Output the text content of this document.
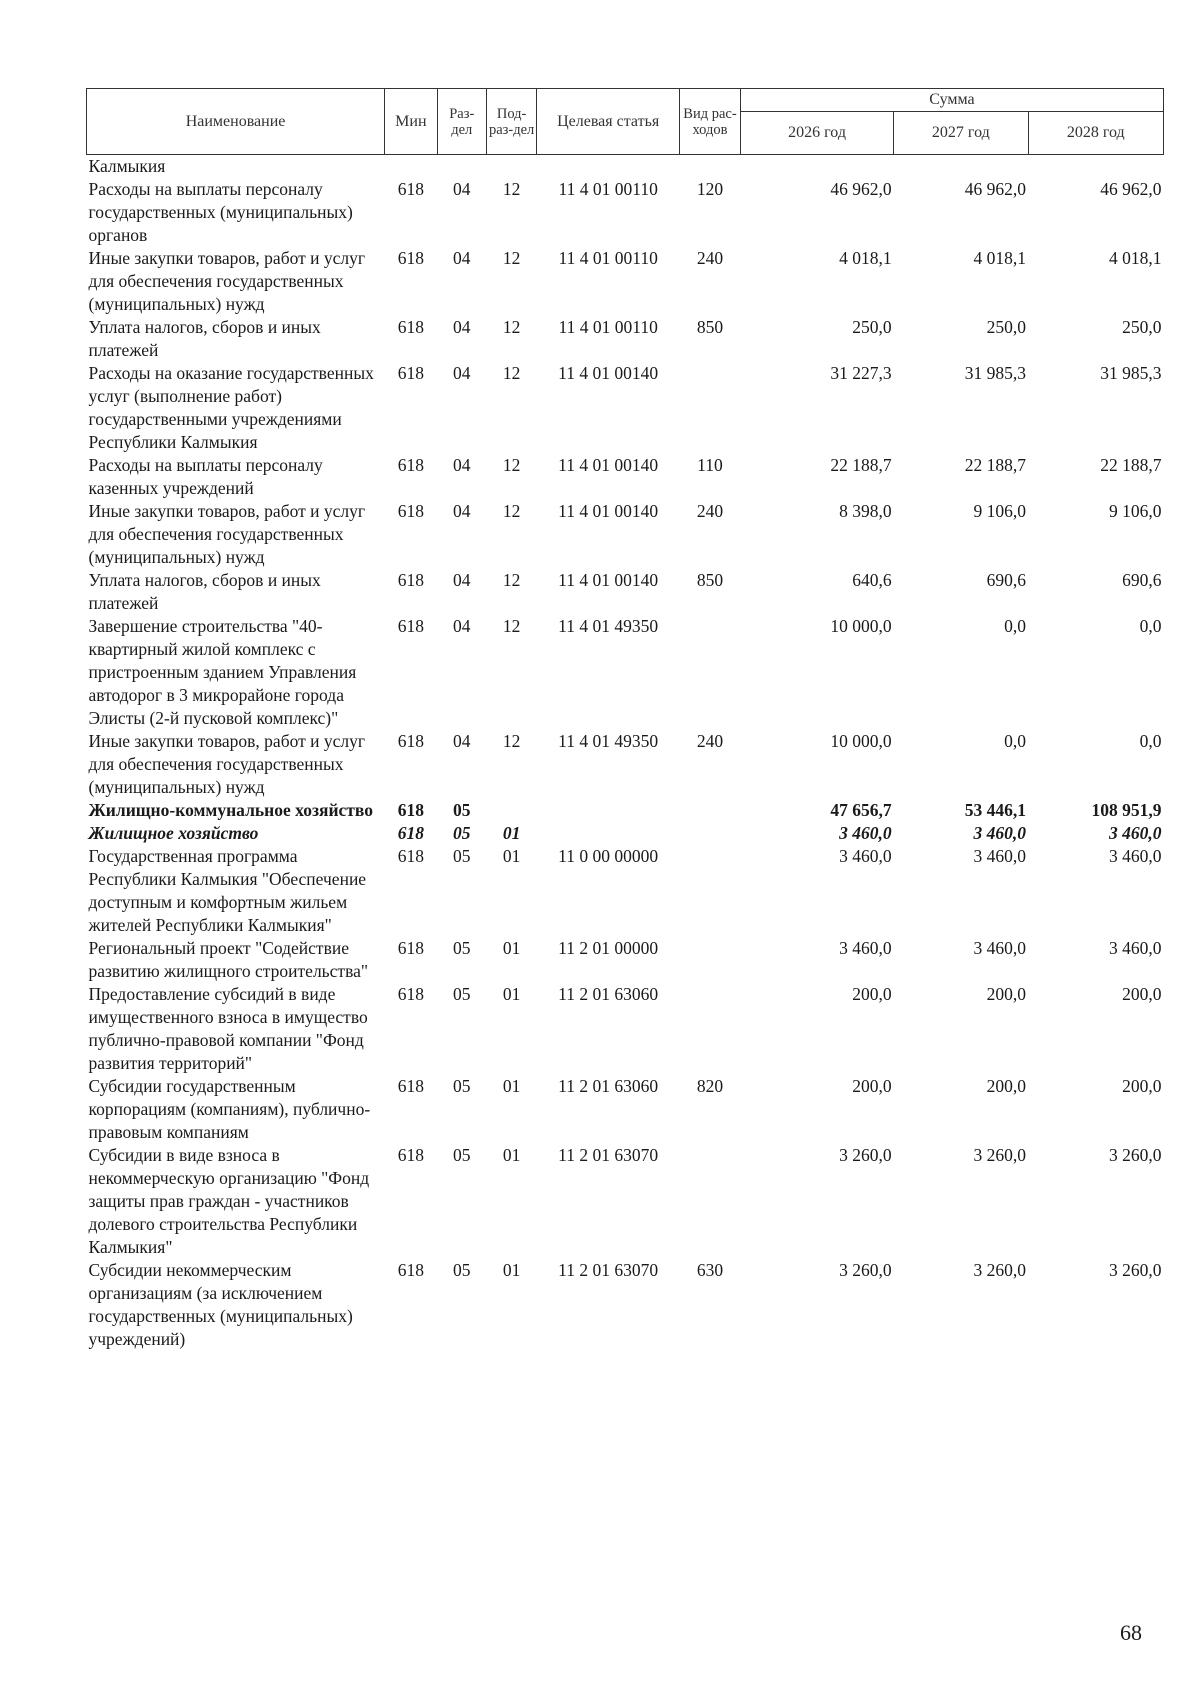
Наименование	Мин	Раз-дел	Под-раз-дел	Целевая статья	Вид рас-ходов	Сумма		
						2026 год	2027 год	2028 год
Калмыкия								
Расходы на выплаты персоналу государственных (муниципальных) органов	618	04	12	11 4 01 00110	120	46 962,0	46 962,0	46 962,0
Иные закупки товаров, работ и услуг для обеспечения государственных (муниципальных) нужд	618	04	12	11 4 01 00110	240	4 018,1	4 018,1	4 018,1
Уплата налогов, сборов и иных платежей	618	04	12	11 4 01 00110	850	250,0	250,0	250,0
Расходы на оказание государственных услуг (выполнение работ) государственными учреждениями Республики Калмыкия	618	04	12	11 4 01 00140		31 227,3	31 985,3	31 985,3
Расходы на выплаты персоналу казенных учреждений	618	04	12	11 4 01 00140	110	22 188,7	22 188,7	22 188,7
Иные закупки товаров, работ и услуг для обеспечения государственных (муниципальных) нужд	618	04	12	11 4 01 00140	240	8 398,0	9 106,0	9 106,0
Уплата налогов, сборов и иных платежей	618	04	12	11 4 01 00140	850	640,6	690,6	690,6
Завершение строительства "40-квартирный жилой комплекс с пристроенным зданием Управления автодорог в 3 микрорайоне города Элисты (2-й пусковой комплекс)"	618	04	12	11 4 01 49350		10 000,0	0,0	0,0
Иные закупки товаров, работ и услуг для обеспечения государственных (муниципальных) нужд	618	04	12	11 4 01 49350	240	10 000,0	0,0	0,0
Жилищно-коммунальное хозяйство	618	05				47 656,7	53 446,1	108 951,9
Жилищное хозяйство	618	05	01			3 460,0	3 460,0	3 460,0
Государственная программа Республики Калмыкия "Обеспечение доступным и комфортным жильем жителей Республики Калмыкия"	618	05	01	11 0 00 00000		3 460,0	3 460,0	3 460,0
Региональный проект "Содействие развитию жилищного строительства"	618	05	01	11 2 01 00000		3 460,0	3 460,0	3 460,0
Предоставление субсидий в виде имущественного взноса в имущество публично-правовой компании "Фонд развития территорий"	618	05	01	11 2 01 63060		200,0	200,0	200,0
Субсидии государственным корпорациям (компаниям), публично-правовым компаниям	618	05	01	11 2 01 63060	820	200,0	200,0	200,0
Субсидии в виде взноса в некоммерческую организацию "Фонд защиты прав граждан - участников долевого строительства Республики Калмыкия"	618	05	01	11 2 01 63070		3 260,0	3 260,0	3 260,0
Субсидии некоммерческим организациям (за исключением государственных (муниципальных) учреждений)	618	05	01	11 2 01 63070	630	3 260,0	3 260,0	3 260,0
68
